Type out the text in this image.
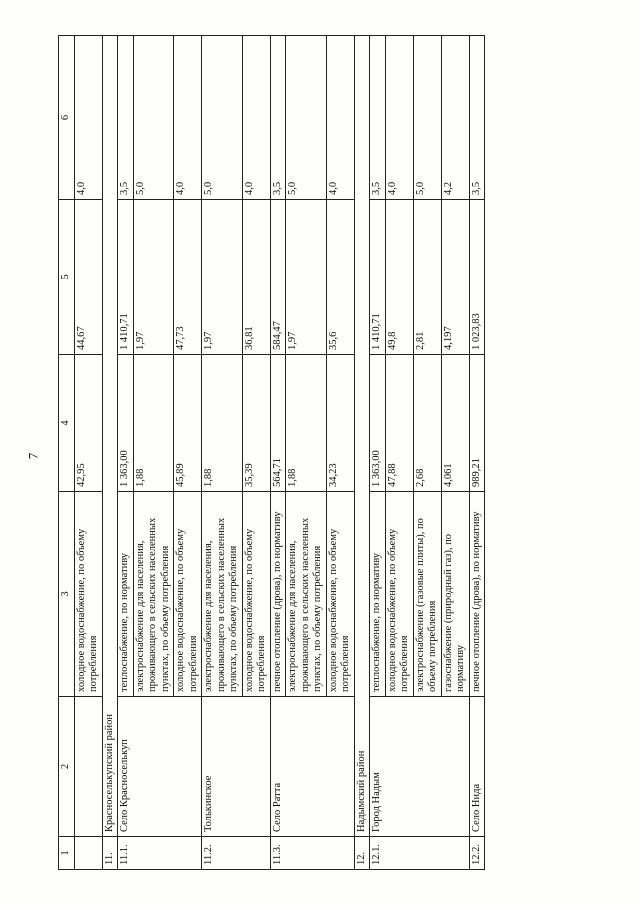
7
1	2	3	4	5	6
		холодное водоснабжение, по объему потребления	42,95	44,67	4,0
11.	Красноселькупский район				
11.1.	Село Красноселькуп	теплоснабжение, по нормативу	1 363,00	1 410,71	3,5
		электроснабжение для населения, проживающего в сельских населенных пунктах, по объему потребления	1,88	1,97	5,0
		холодное водоснабжение, по объему потребления	45,89	47,73	4,0
11.2.	Толькинское	электроснабжение для населения, проживающего в сельских населенных пунктах, по объему потребления	1,88	1,97	5,0
		холодное водоснабжение, по объему потребления	35,39	36,81	4,0
11.3.	Село Ратта	печное отопление (дрова), по нормативу	564,71	584,47	3,5
		электроснабжение для населения, проживающего в сельских населенных пунктах, по объему потребления	1,88	1,97	5,0
		холодное водоснабжение, по объему потребления	34,23	35,6	4,0
12.	Надымский район				
12.1.	Город Надым	теплоснабжение, по нормативу	1 363,00	1 410,71	3,5
		холодное водоснабжение, по объему потребления	47,88	49,8	4,0
		электроснабжение (газовые плиты), по объему потребления	2,68	2,81	5,0
		газоснабжение (природный газ), по нормативу	4,061	4,197	4,2
12.2.	Село Нида	печное отопление (дрова), по нормативу	989,21	1 023,83	3,5
